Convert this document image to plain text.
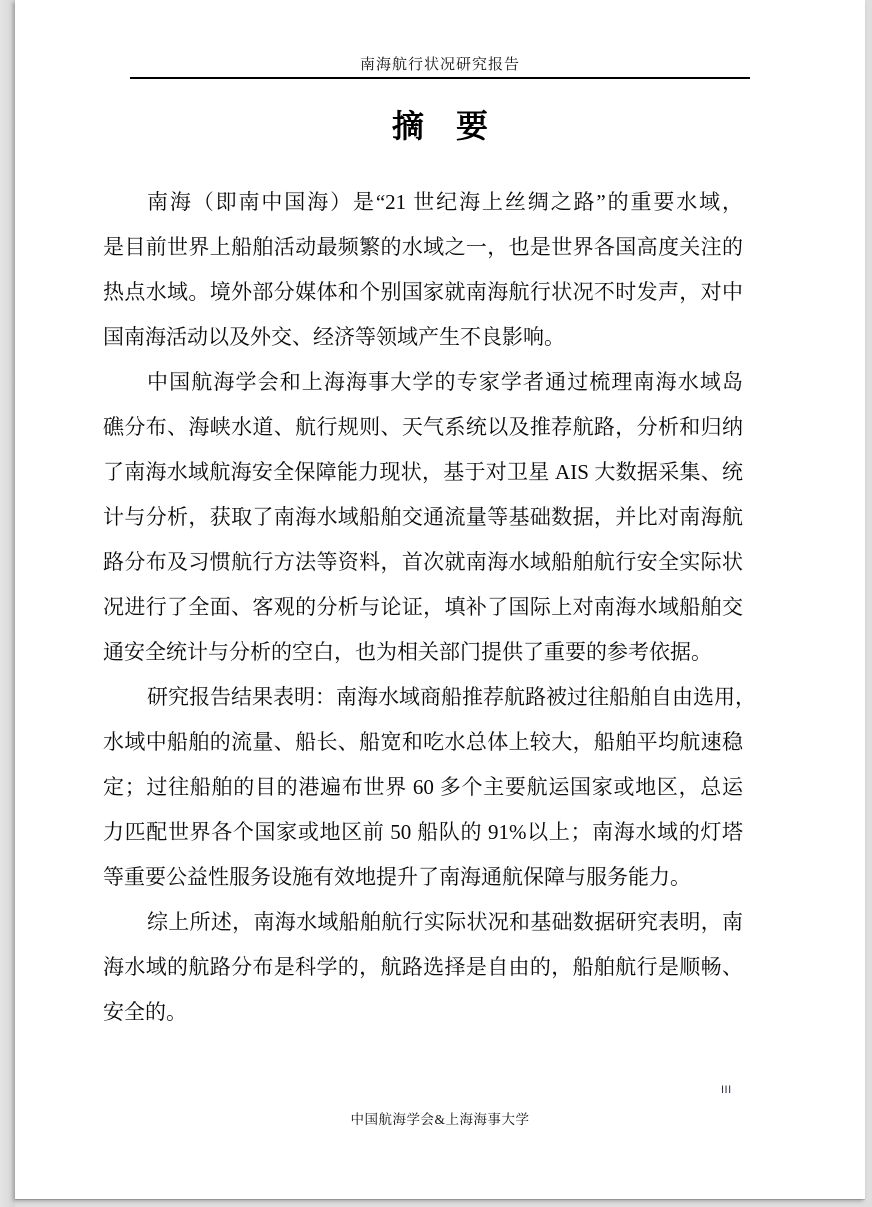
南海航行状况研究报告
摘　要
南海（即南中国海）是“21 世纪海上丝绸之路”的重要水域，
是目前世界上船舶活动最频繁的水域之一，也是世界各国高度关注的
热点水域。境外部分媒体和个别国家就南海航行状况不时发声，对中
国南海活动以及外交、经济等领域产生不良影响。
中国航海学会和上海海事大学的专家学者通过梳理南海水域岛
礁分布、海峡水道、航行规则、天气系统以及推荐航路，分析和归纳
了南海水域航海安全保障能力现状，基于对卫星 AIS 大数据采集、统
计与分析，获取了南海水域船舶交通流量等基础数据，并比对南海航
路分布及习惯航行方法等资料，首次就南海水域船舶航行安全实际状
况进行了全面、客观的分析与论证，填补了国际上对南海水域船舶交
通安全统计与分析的空白，也为相关部门提供了重要的参考依据。
研究报告结果表明：南海水域商船推荐航路被过往船舶自由选用，
水域中船舶的流量、船长、船宽和吃水总体上较大，船舶平均航速稳
定；过往船舶的目的港遍布世界 60 多个主要航运国家或地区，总运
力匹配世界各个国家或地区前 50 船队的 91%以上；南海水域的灯塔
等重要公益性服务设施有效地提升了南海通航保障与服务能力。
综上所述，南海水域船舶航行实际状况和基础数据研究表明，南
海水域的航路分布是科学的，航路选择是自由的，船舶航行是顺畅、
安全的。
III
中国航海学会&上海海事大学
